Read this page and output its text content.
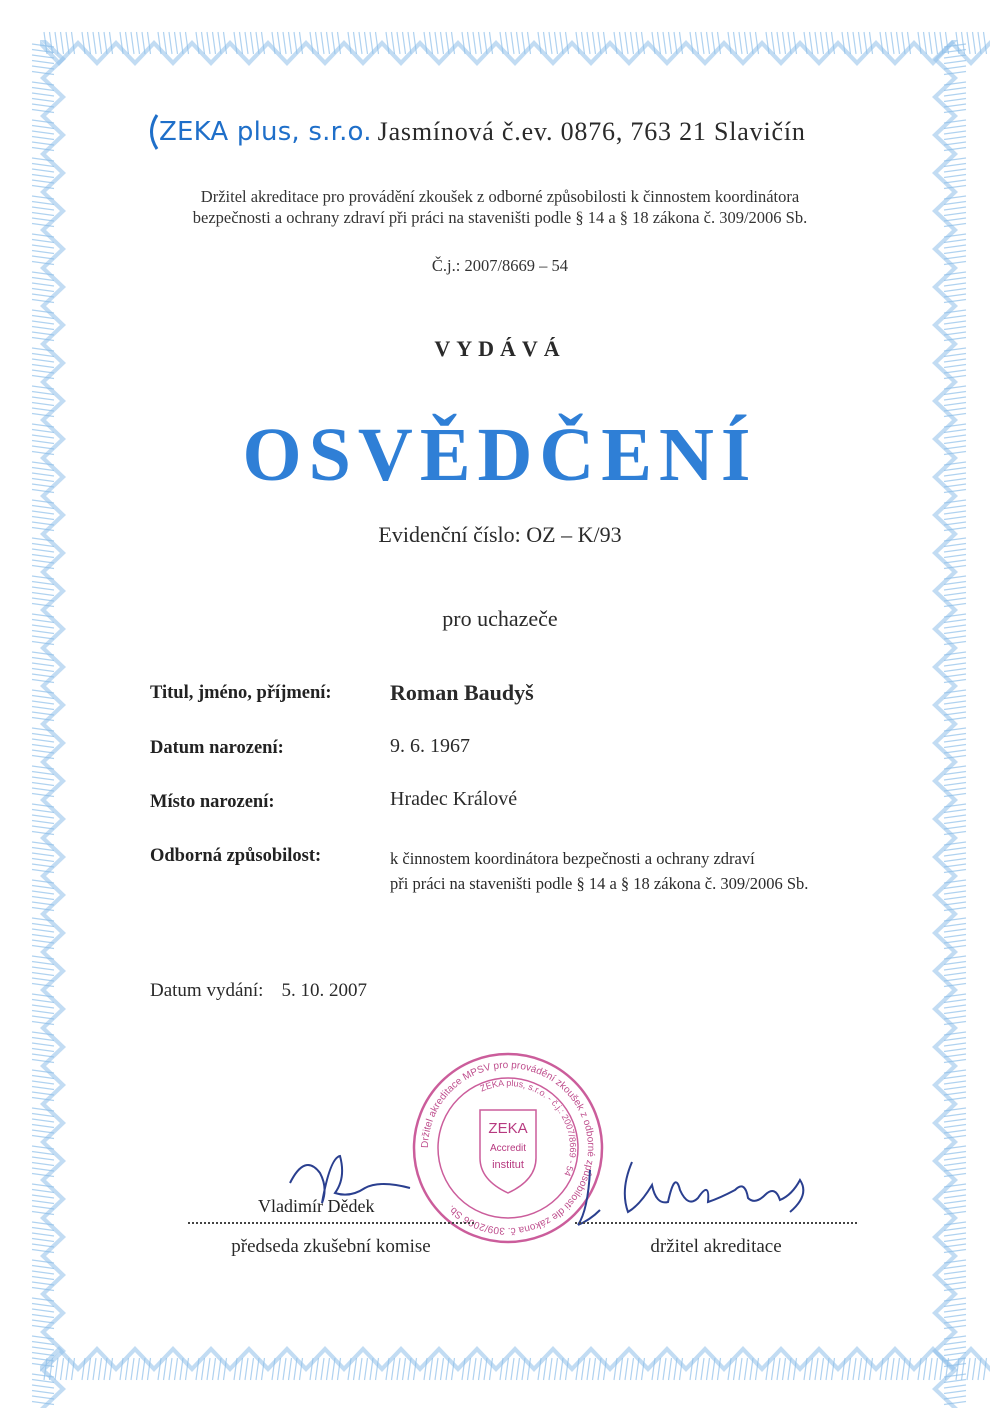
ZEKA plus, s.r.o. Jasmínová č.ev. 0876, 763 21 Slavičín
Držitel akreditace pro provádění zkoušek z odborné způsobilosti k činnostem koordinátora
bezpečnosti a ochrany zdraví při práci na staveništi podle § 14 a § 18 zákona č. 309/2006 Sb.
Č.j.: 2007/8669 – 54
VYDÁVÁ
OSVĚDČENÍ
Evidenční číslo: OZ – K/93
pro uchazeče
Titul, jméno, příjmení:	Roman Baudyš
Datum narození:	9. 6. 1967
Místo narození:	Hradec Králové
Odborná způsobilost:	k činnostem koordinátora bezpečnosti a ochrany zdraví
při práci na staveništi podle § 14 a § 18 zákona č. 309/2006 Sb.
Datum vydání: 5. 10. 2007
Držitel akreditace MPSV pro provádění zkoušek z odborné způsobilosti dle zákona č. 309/2006 Sb.
ZEKA plus, s.r.o. - č.j.: 2007/8669 - 54
ZEKA
Accredit
institut
Vladimír Dědek
předseda zkušební komise	držitel akreditace
